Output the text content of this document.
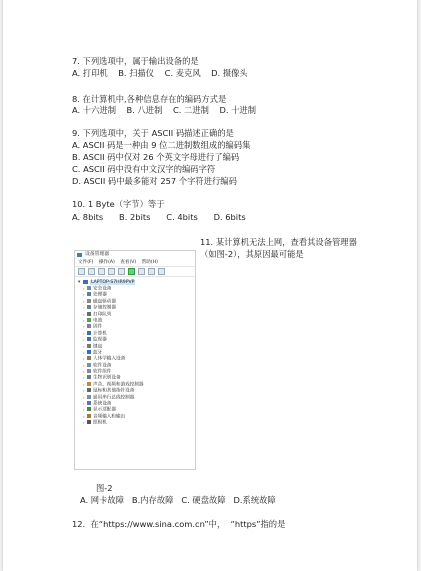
7. 下列选项中，属于输出设备的是
A. 打印机    B. 扫描仪    C. 麦克风    D. 摄像头
8. 在计算机中,各种信息存在的编码方式是
A. 十六进制    B. 八进制    C. 二进制    D. 十进制
9. 下列选项中，关于 ASCII 码描述正确的是
A. ASCII 码是一种由 9 位二进制数组成的编码集
B. ASCII 码中仅对 26 个英文字母进行了编码
C. ASCII 码中没有中文汉字的编码字符
D. ASCII 码中最多能对 257 个字符进行编码
10. 1 Byte（字节）等于
A. 8bits      B. 2bits      C. 4bits      D. 6bits
11. 某计算机无法上网，查看其设备管理器
（如图-2），其原因最可能是
设备管理器
文件(F) 操作(A) 查看(V) 帮助(H)
▾ LAPTOP-S7HR9PVP
› 安全设备
› 处理器
› 磁盘驱动器
› 存储控制器
› 打印队列
› 电池
› 固件
› 计算机
› 监视器
› 键盘
› 蓝牙
› 人体学输入设备
› 软件设备
› 软件组件
› 生物识别设备
› 声音、视频和游戏控制器
› 鼠标和其他指针设备
› 通用串行总线控制器
› 系统设备
› 显示适配器
› 音频输入和输出
› 照相机
图-2
A. 网卡故障   B.内存故障   C. 硬盘故障   D.系统故障
12.  在“https://www.sina.com.cn”中，  “https”指的是
